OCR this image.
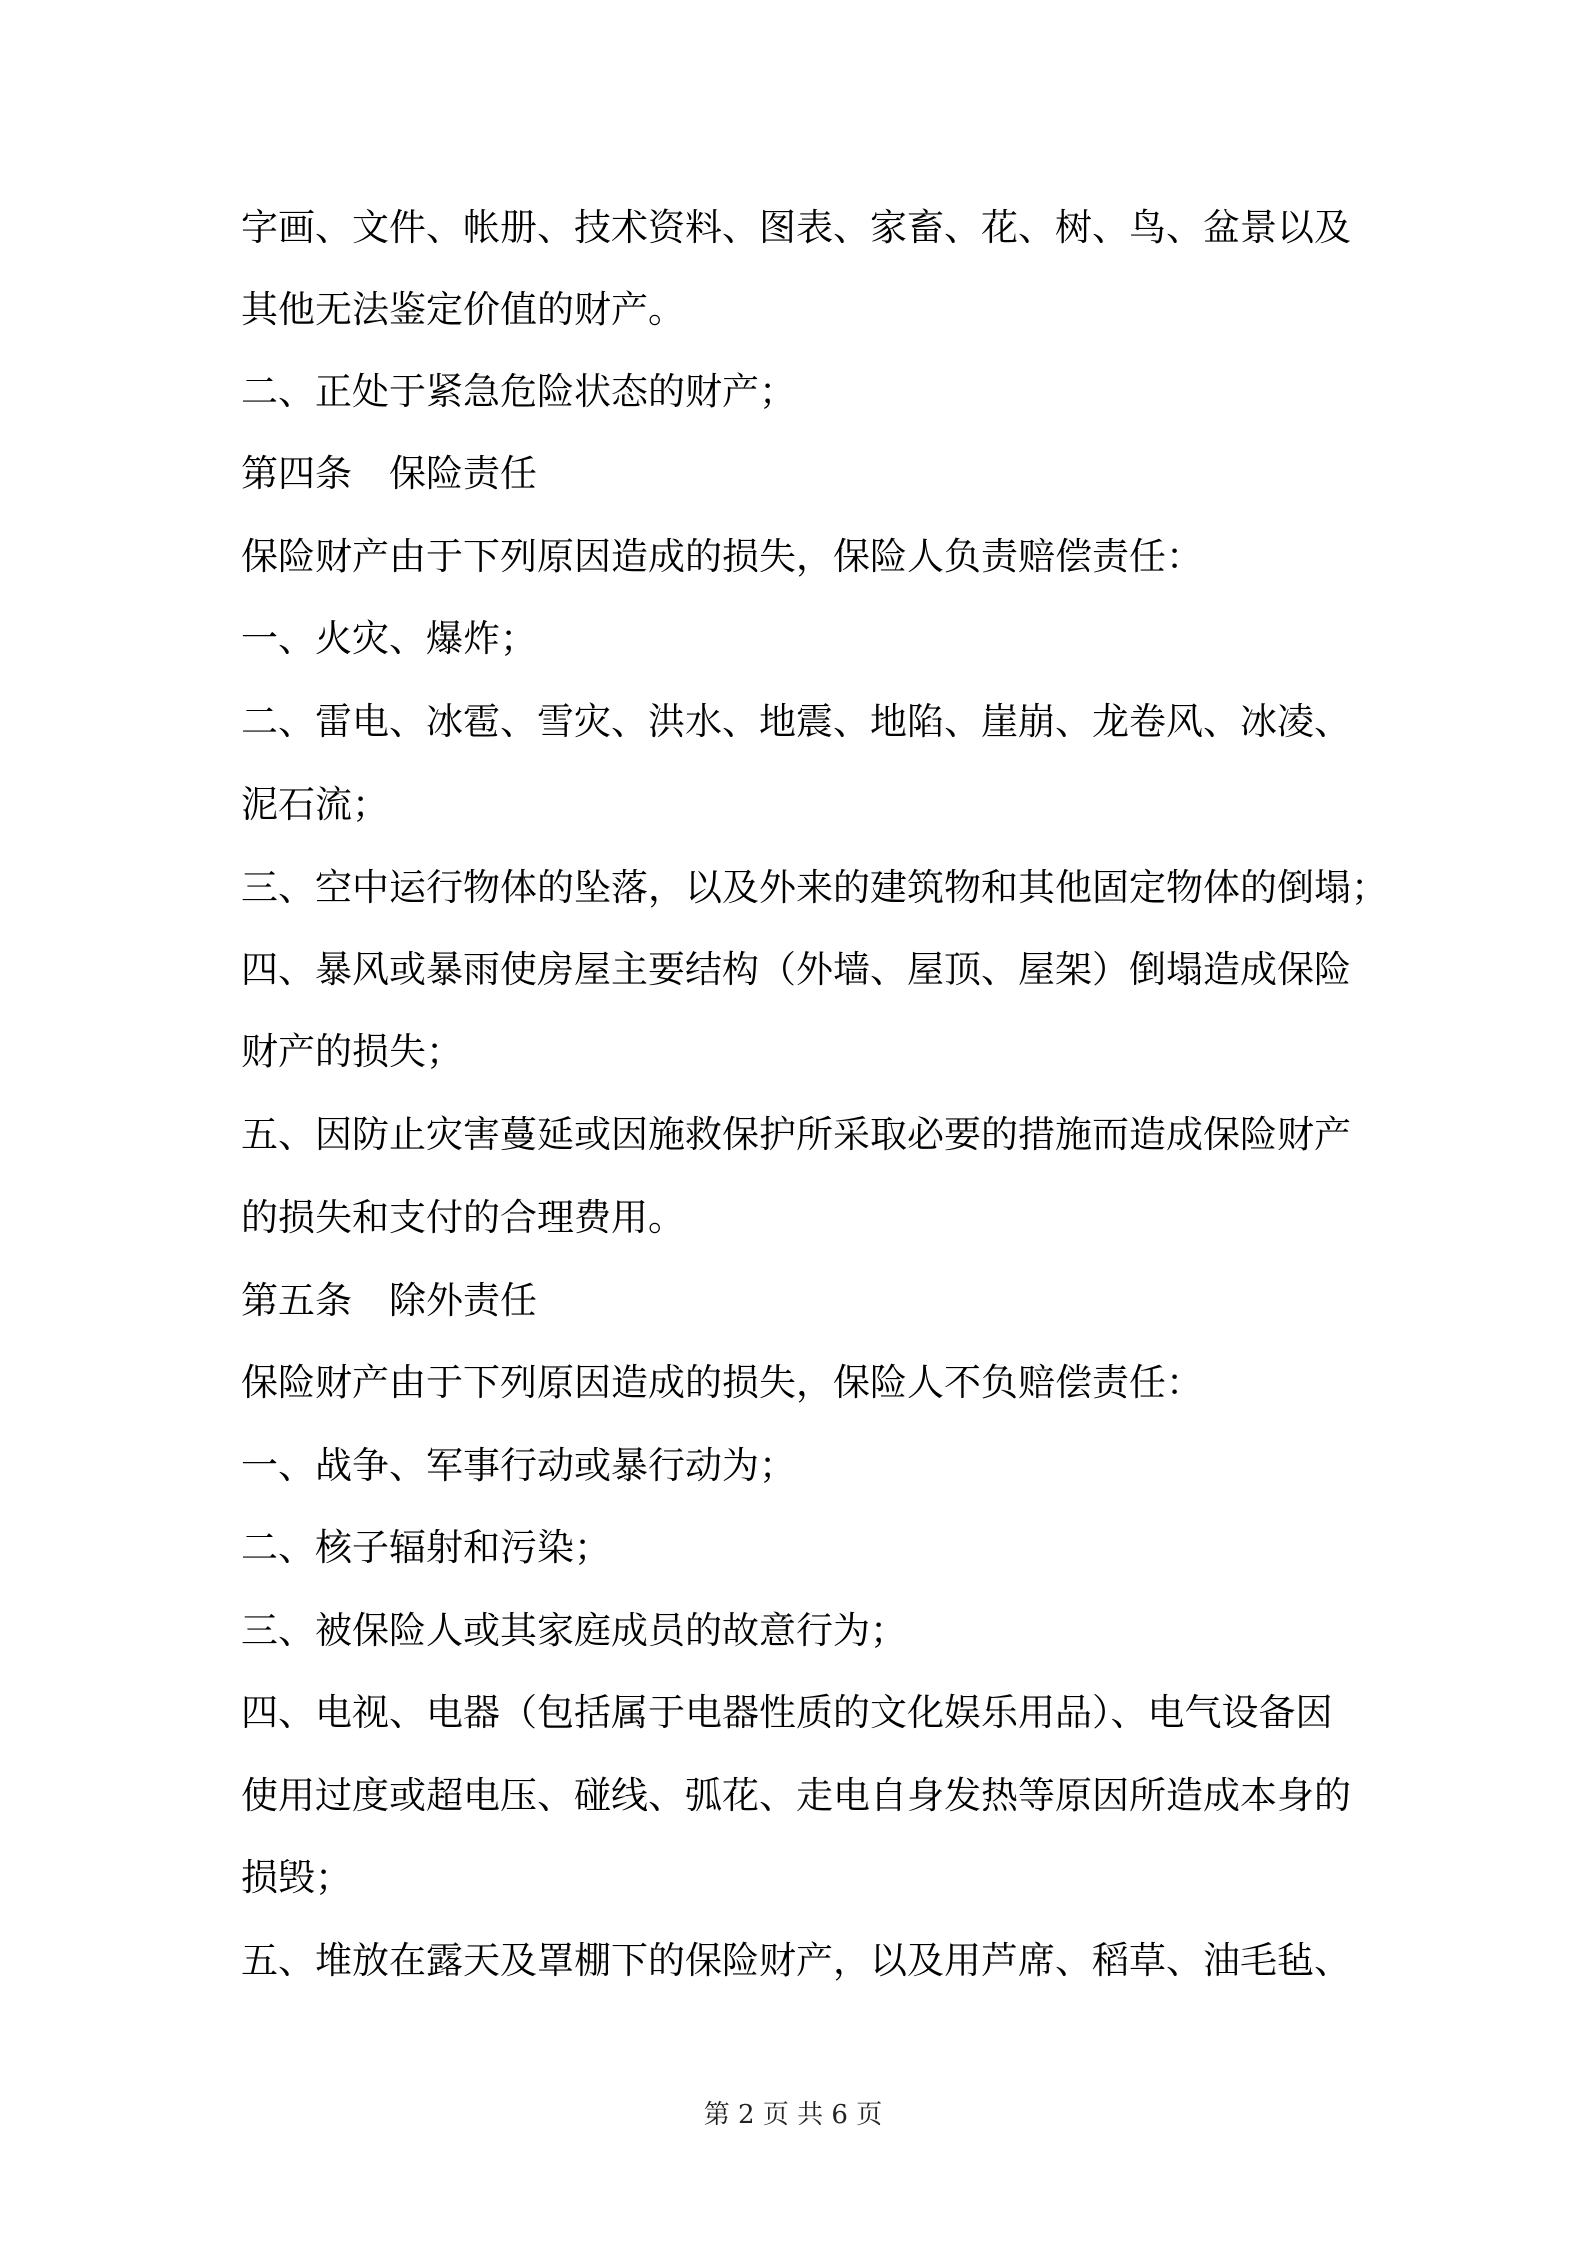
字画、文件、帐册、技术资料、图表、家畜、花、树、鸟、盆景以及
其他无法鉴定价值的财产。
二、正处于紧急危险状态的财产；
第四条　保险责任
保险财产由于下列原因造成的损失，保险人负责赔偿责任：
一、火灾、爆炸；
二、雷电、冰雹、雪灾、洪水、地震、地陷、崖崩、龙卷风、冰凌、
泥石流；
三、空中运行物体的坠落，以及外来的建筑物和其他固定物体的倒塌；
四、暴风或暴雨使房屋主要结构（外墙、屋顶、屋架）倒塌造成保险
财产的损失；
五、因防止灾害蔓延或因施救保护所采取必要的措施而造成保险财产
的损失和支付的合理费用。
第五条　除外责任
保险财产由于下列原因造成的损失，保险人不负赔偿责任：
一、战争、军事行动或暴行动为；
二、核子辐射和污染；
三、被保险人或其家庭成员的故意行为；
四、电视、电器（包括属于电器性质的文化娱乐用品）、电气设备因
使用过度或超电压、碰线、弧花、走电自身发热等原因所造成本身的
损毁；
五、堆放在露天及罩棚下的保险财产，以及用芦席、稻草、油毛毡、
第 2 页 共 6 页
